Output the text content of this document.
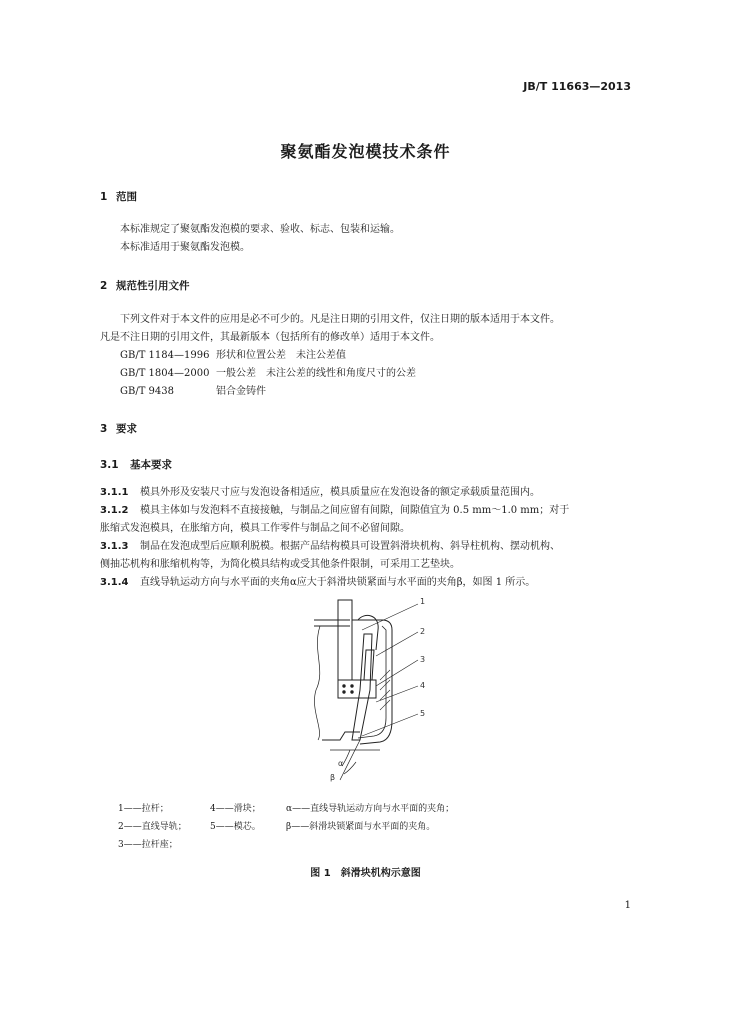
JB/T 11663—2013
聚氨酯发泡模技术条件
1 范围
本标准规定了聚氨酯发泡模的要求、验收、标志、包装和运输。
本标准适用于聚氨酯发泡模。
2 规范性引用文件
下列文件对于本文件的应用是必不可少的。凡是注日期的引用文件，仅注日期的版本适用于本文件。
凡是不注日期的引用文件，其最新版本（包括所有的修改单）适用于本文件。
GB/T 1184—1996 形状和位置公差　未注公差值
GB/T 1804—2000 一般公差　未注公差的线性和角度尺寸的公差
GB/T 9438	铝合金铸件
3 要求
3.1 基本要求
3.1.1 模具外形及安装尺寸应与发泡设备相适应，模具质量应在发泡设备的额定承载质量范围内。
3.1.2 模具主体如与发泡料不直接接触，与制品之间应留有间隙，间隙值宜为 0.5 mm～1.0 mm；对于
胀缩式发泡模具，在胀缩方向，模具工作零件与制品之间不必留间隙。
3.1.3 制品在发泡成型后应顺利脱模。根据产品结构模具可设置斜滑块机构、斜导柱机构、摆动机构、
侧抽芯机构和胀缩机构等，为简化模具结构或受其他条件限制，可采用工艺垫块。
3.1.4 直线导轨运动方向与水平面的夹角α应大于斜滑块锁紧面与水平面的夹角β，如图 1 所示。
1
2
3
4
5
α
β
1——拉杆；
2——直线导轨；
3——拉杆座；
4——滑块；
5——模芯。
α——直线导轨运动方向与水平面的夹角；
β——斜滑块锁紧面与水平面的夹角。
图 1　斜滑块机构示意图
1
